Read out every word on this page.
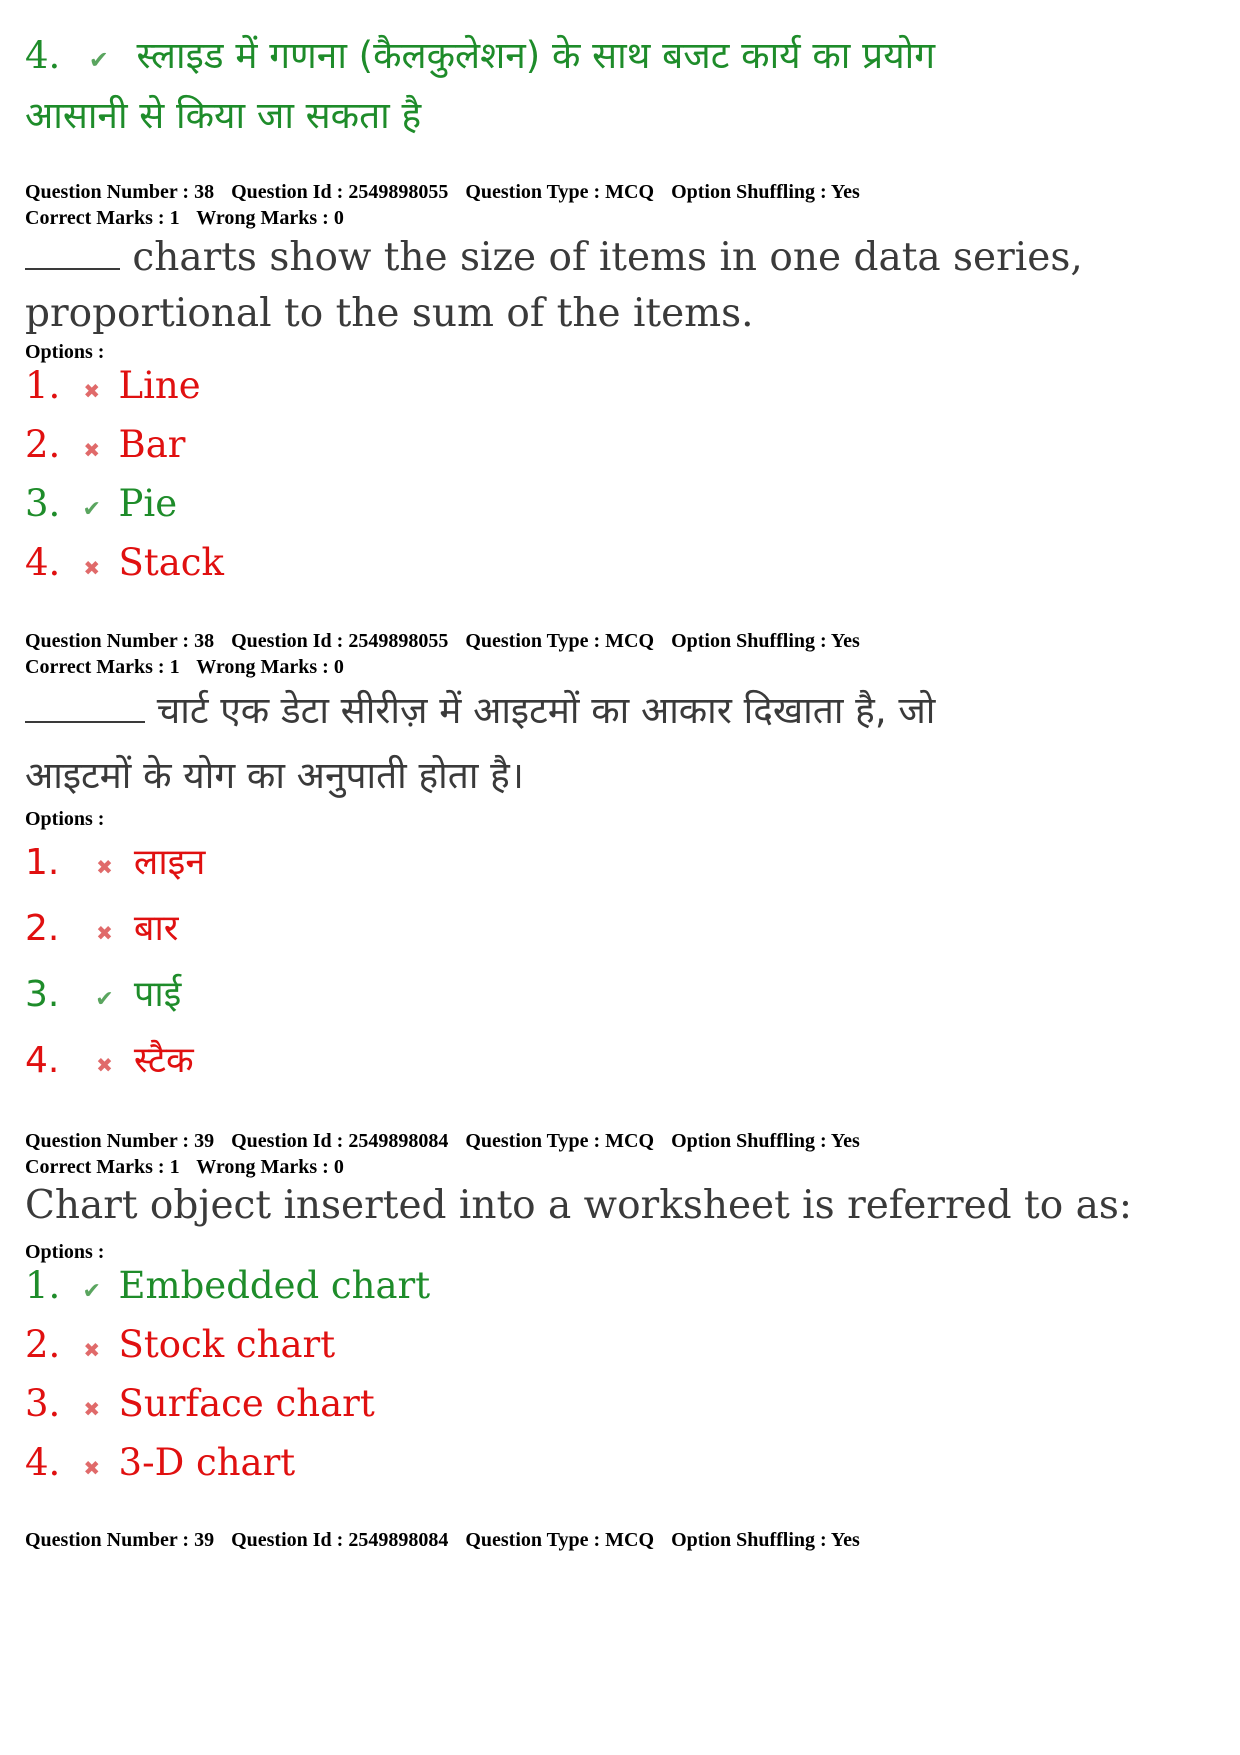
4. ✔ स्लाइड में गणना (कैलकुलेशन) के साथ बजट कार्य का प्रयोग
आसानी से किया जा सकता है
Question Number : 38 Question Id : 2549898055 Question Type : MCQ Option Shuffling : Yes
Correct Marks : 1 Wrong Marks : 0
charts show the size of items in one data series,
proportional to the sum of the items.
Options :
1. ✖ Line
2. ✖ Bar
3. ✔ Pie
4. ✖ Stack
Question Number : 38 Question Id : 2549898055 Question Type : MCQ Option Shuffling : Yes
Correct Marks : 1 Wrong Marks : 0
चार्ट एक डेटा सीरीज़ में आइटमों का आकार दिखाता है, जो
आइटमों के योग का अनुपाती होता है।
Options :
1. ✖ लाइन
2. ✖ बार
3. ✔ पाई
4. ✖ स्टैक
Question Number : 39 Question Id : 2549898084 Question Type : MCQ Option Shuffling : Yes
Correct Marks : 1 Wrong Marks : 0
Chart object inserted into a worksheet is referred to as:
Options :
1. ✔ Embedded chart
2. ✖ Stock chart
3. ✖ Surface chart
4. ✖ 3-D chart
Question Number : 39 Question Id : 2549898084 Question Type : MCQ Option Shuffling : Yes
